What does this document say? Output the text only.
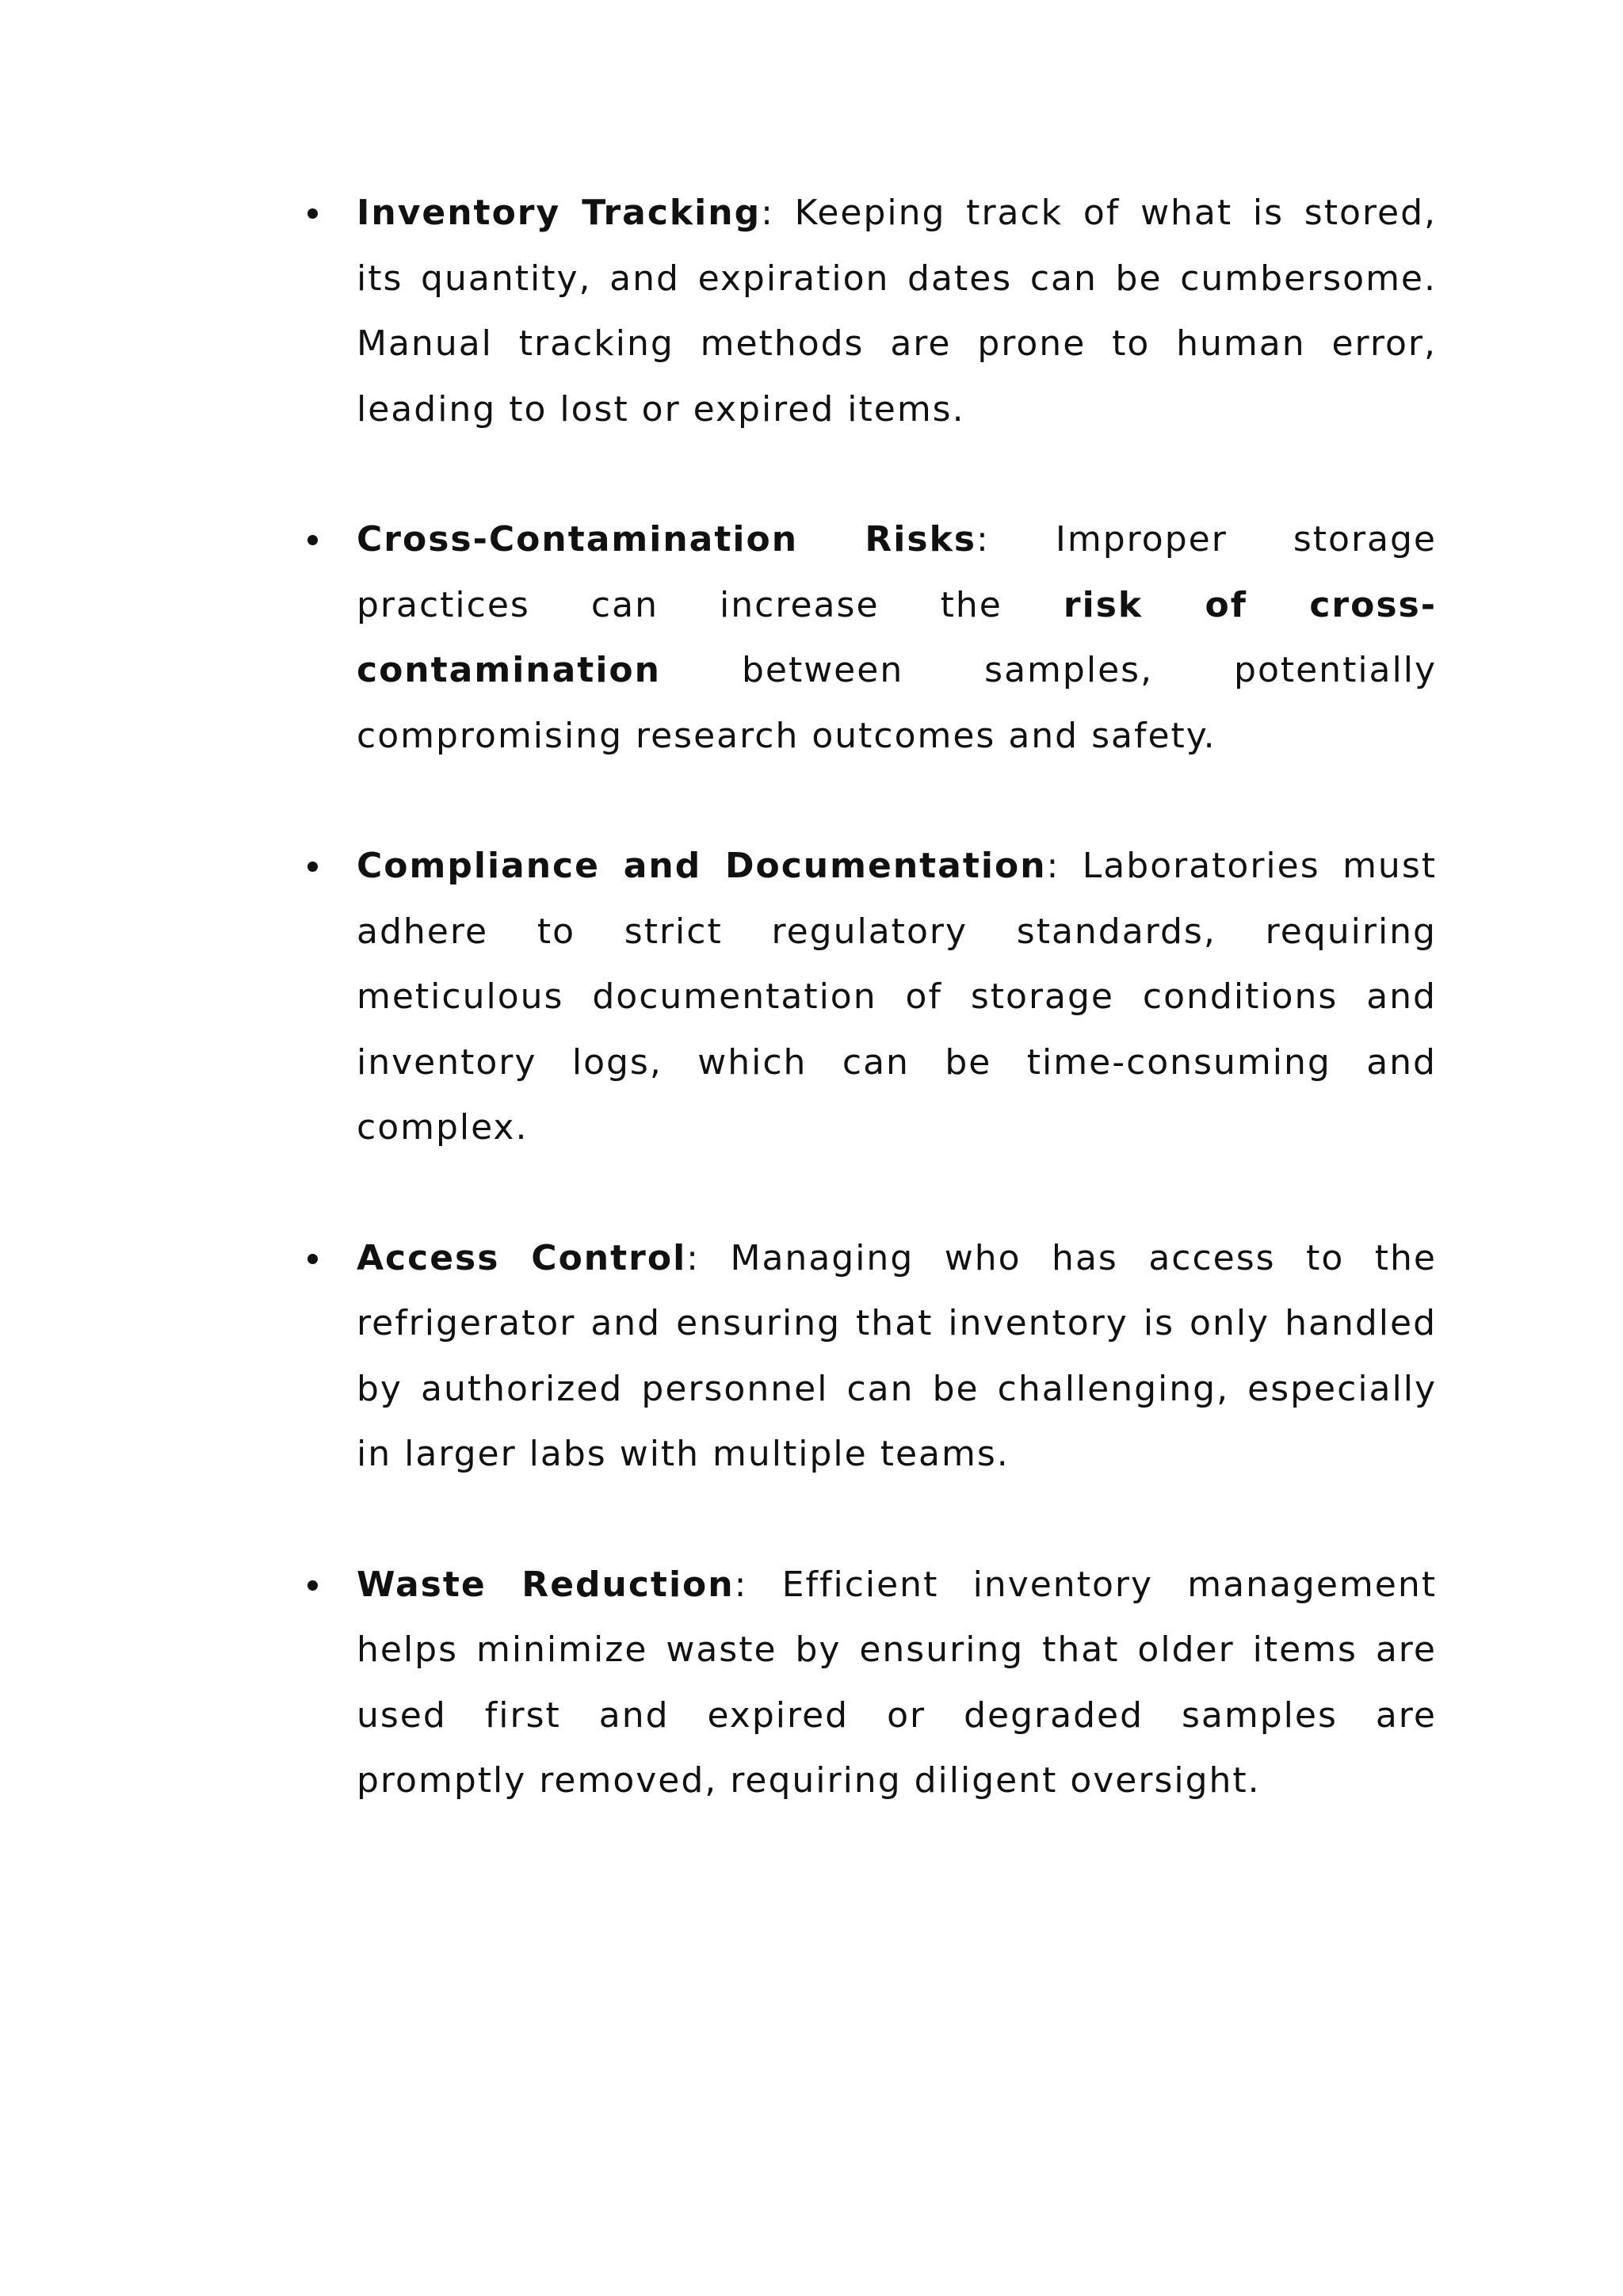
Inventory Tracking: Keeping track of what is stored, its quantity, and expiration dates can be cumbersome. Manual tracking methods are prone to human error, leading to lost or expired items.
Cross-Contamination Risks: Improper storage practices can increase the risk of cross-contamination between samples, potentially compromising research outcomes and safety.
Compliance and Documentation: Laboratories must adhere to strict regulatory standards, requiring meticulous documentation of storage conditions and inventory logs, which can be time-consuming and complex.
Access Control: Managing who has access to the refrigerator and ensuring that inventory is only handled by authorized personnel can be challenging, especially in larger labs with multiple teams.
Waste Reduction: Efficient inventory management helps minimize waste by ensuring that older items are used first and expired or degraded samples are promptly removed, requiring diligent oversight.
